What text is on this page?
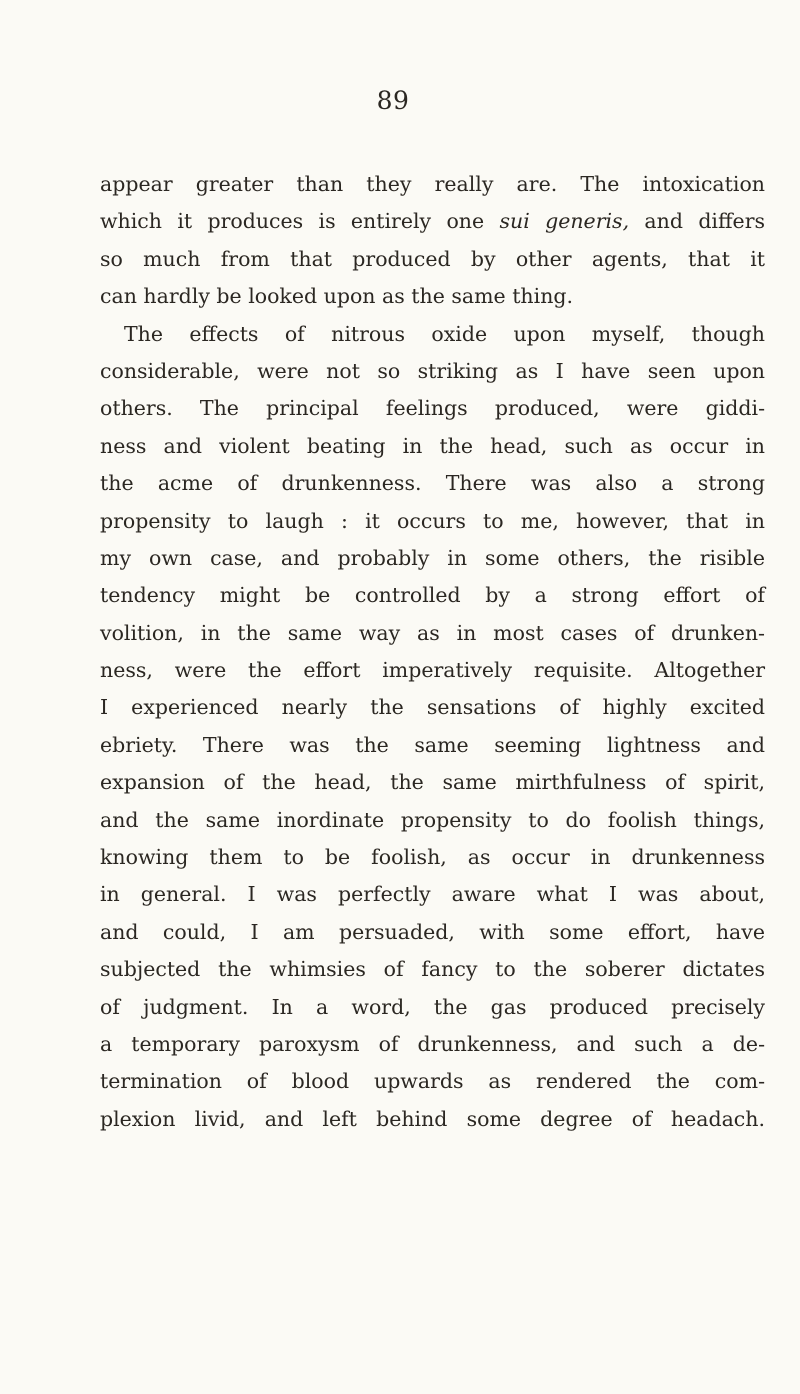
89
appear greater than they really are. The intoxication
which it produces is entirely one sui generis, and differs
so much from that produced by other agents, that it
can hardly be looked upon as the same thing.
The effects of nitrous oxide upon myself, though
considerable, were not so striking as I have seen upon
others. The principal feelings produced, were giddi-
ness and violent beating in the head, such as occur in
the acme of drunkenness. There was also a strong
propensity to laugh : it occurs to me, however, that in
my own case, and probably in some others, the risible
tendency might be controlled by a strong effort of
volition, in the same way as in most cases of drunken-
ness, were the effort imperatively requisite. Altogether
I experienced nearly the sensations of highly excited
ebriety. There was the same seeming lightness and
expansion of the head, the same mirthfulness of spirit,
and the same inordinate propensity to do foolish things,
knowing them to be foolish, as occur in drunkenness
in general. I was perfectly aware what I was about,
and could, I am persuaded, with some effort, have
subjected the whimsies of fancy to the soberer dictates
of judgment. In a word, the gas produced precisely
a temporary paroxysm of drunkenness, and such a de-
termination of blood upwards as rendered the com-
plexion livid, and left behind some degree of headach.
